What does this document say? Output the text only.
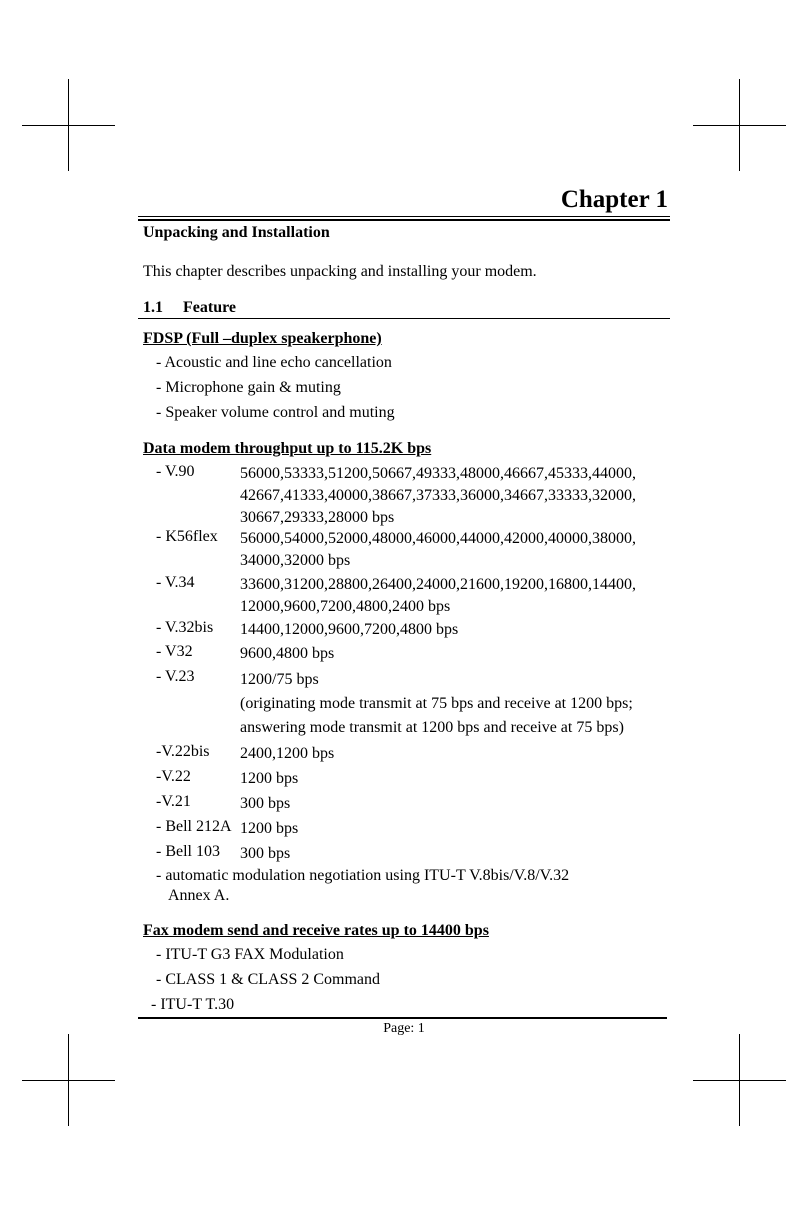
Chapter 1
Unpacking and Installation
This chapter describes unpacking and installing your modem.
1.1 Feature
FDSP (Full –duplex speakerphone)
- Acoustic and line echo cancellation
- Microphone gain & muting
- Speaker volume control and muting
Data modem throughput up to 115.2K bps
- V.90	56000,53333,51200,50667,49333,48000,46667,45333,44000,
42667,41333,40000,38667,37333,36000,34667,33333,32000,
30667,29333,28000 bps
- K56flex 56000,54000,52000,48000,46000,44000,42000,40000,38000,
34000,32000 bps
- V.34	33600,31200,28800,26400,24000,21600,19200,16800,14400,
12000,9600,7200,4800,2400 bps
- V.32bis 14400,12000,9600,7200,4800 bps
- V32	9600,4800 bps
- V.23	1200/75 bps
(originating mode transmit at 75 bps and receive at 1200 bps;
answering mode transmit at 1200 bps and receive at 75 bps)
-V.22bis 2400,1200 bps
-V.22	1200 bps
-V.21	300 bps
- Bell 212A 1200 bps
- Bell 103 300 bps
- automatic modulation negotiation using ITU-T V.8bis/V.8/V.32
Annex A.
Fax modem send and receive rates up to 14400 bps
- ITU-T G3 FAX Modulation
- CLASS 1 & CLASS 2 Command
- ITU-T T.30
Page: 1
